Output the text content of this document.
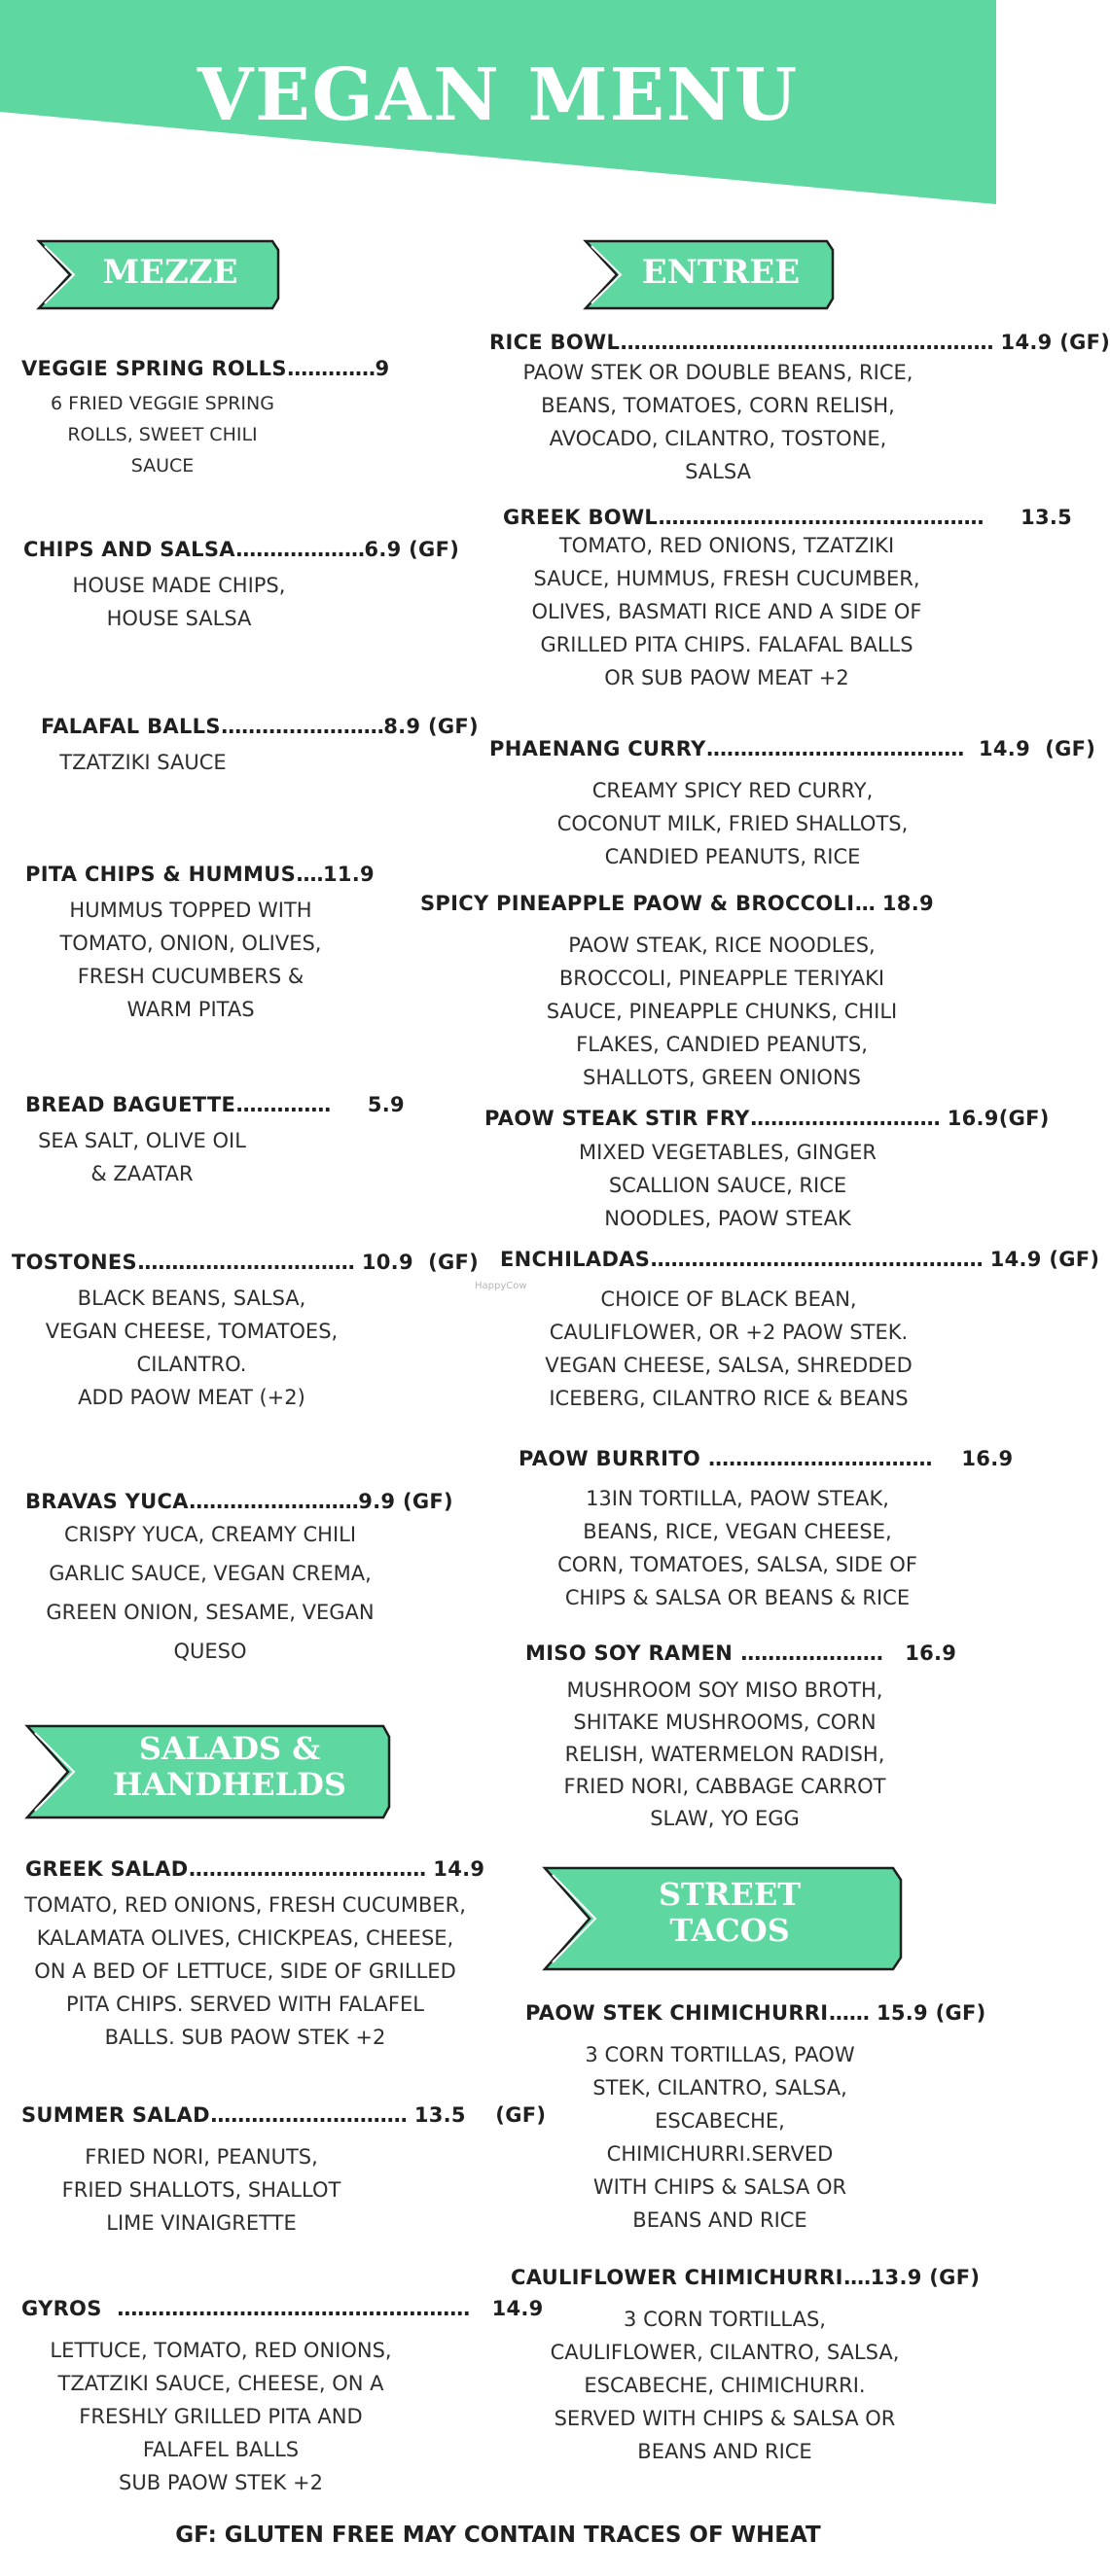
VEGAN MENU
MEZZE	ENTREE
SALADS &
HANDHELDS
STREET
TACOS
VEGGIE SPRING ROLLS.............9
6 FRIED VEGGIE SPRING
ROLLS, SWEET CHILI
SAUCE
CHIPS AND SALSA...................6.9 (GF)
HOUSE MADE CHIPS,
HOUSE SALSA
FALAFAL BALLS........................8.9 (GF)
TZATZIKI SAUCE
PITA CHIPS & HUMMUS....11.9
HUMMUS TOPPED WITH
TOMATO, ONION, OLIVES,
FRESH CUCUMBERS &
WARM PITAS
BREAD BAGUETTE.............. 5.9
SEA SALT, OLIVE OIL
& ZAATAR
TOSTONES................................ 10.9 (GF)
BLACK BEANS, SALSA,
VEGAN CHEESE, TOMATOES,
CILANTRO.
ADD PAOW MEAT (+2)
BRAVAS YUCA.........................9.9 (GF)
CRISPY YUCA, CREAMY CHILI
GARLIC SAUCE, VEGAN CREMA,
GREEN ONION, SESAME, VEGAN
QUESO
GREEK SALAD................................... 14.9
TOMATO, RED ONIONS, FRESH CUCUMBER,
KALAMATA OLIVES, CHICKPEAS, CHEESE,
ON A BED OF LETTUCE, SIDE OF GRILLED
PITA CHIPS. SERVED WITH FALAFEL
BALLS. SUB PAOW STEK +2
SUMMER SALAD............................. 13.5 (GF)
FRIED NORI, PEANUTS,
FRIED SHALLOTS, SHALLOT
LIME VINAIGRETTE
GYROS .................................................... 14.9
LETTUCE, TOMATO, RED ONIONS,
TZATZIKI SAUCE, CHEESE, ON A
FRESHLY GRILLED PITA AND
FALAFEL BALLS
SUB PAOW STEK +2
RICE BOWL....................................................... 14.9 (GF)
PAOW STEK OR DOUBLE BEANS, RICE,
BEANS, TOMATOES, CORN RELISH,
AVOCADO, CILANTRO, TOSTONE,
SALSA
GREEK BOWL................................................ 13.5
TOMATO, RED ONIONS, TZATZIKI
SAUCE, HUMMUS, FRESH CUCUMBER,
OLIVES, BASMATI RICE AND A SIDE OF
GRILLED PITA CHIPS. FALAFAL BALLS
OR SUB PAOW MEAT +2
PHAENANG CURRY...................................... 14.9 (GF)
CREAMY SPICY RED CURRY,
COCONUT MILK, FRIED SHALLOTS,
CANDIED PEANUTS, RICE
SPICY PINEAPPLE PAOW & BROCCOLI... 18.9
PAOW STEAK, RICE NOODLES,
BROCCOLI, PINEAPPLE TERIYAKI
SAUCE, PINEAPPLE CHUNKS, CHILI
FLAKES, CANDIED PEANUTS,
SHALLOTS, GREEN ONIONS
PAOW STEAK STIR FRY............................ 16.9(GF)
MIXED VEGETABLES, GINGER
SCALLION SAUCE, RICE
NOODLES, PAOW STEAK
ENCHILADAS................................................. 14.9 (GF)
CHOICE OF BLACK BEAN,
CAULIFLOWER, OR +2 PAOW STEK.
VEGAN CHEESE, SALSA, SHREDDED
ICEBERG, CILANTRO RICE & BEANS
PAOW BURRITO ................................. 16.9
13IN TORTILLA, PAOW STEAK,
BEANS, RICE, VEGAN CHEESE,
CORN, TOMATOES, SALSA, SIDE OF
CHIPS & SALSA OR BEANS & RICE
MISO SOY RAMEN ..................... 16.9
MUSHROOM SOY MISO BROTH,
SHITAKE MUSHROOMS, CORN
RELISH, WATERMELON RADISH,
FRIED NORI, CABBAGE CARROT
SLAW, YO EGG
PAOW STEK CHIMICHURRI...... 15.9 (GF)
3 CORN TORTILLAS, PAOW
STEK, CILANTRO, SALSA,
ESCABECHE,
CHIMICHURRI.SERVED
WITH CHIPS & SALSA OR
BEANS AND RICE
CAULIFLOWER CHIMICHURRI....13.9 (GF)
3 CORN TORTILLAS,
CAULIFLOWER, CILANTRO, SALSA,
ESCABECHE, CHIMICHURRI.
SERVED WITH CHIPS & SALSA OR
BEANS AND RICE
HappyCow
GF: GLUTEN FREE MAY CONTAIN TRACES OF WHEAT
